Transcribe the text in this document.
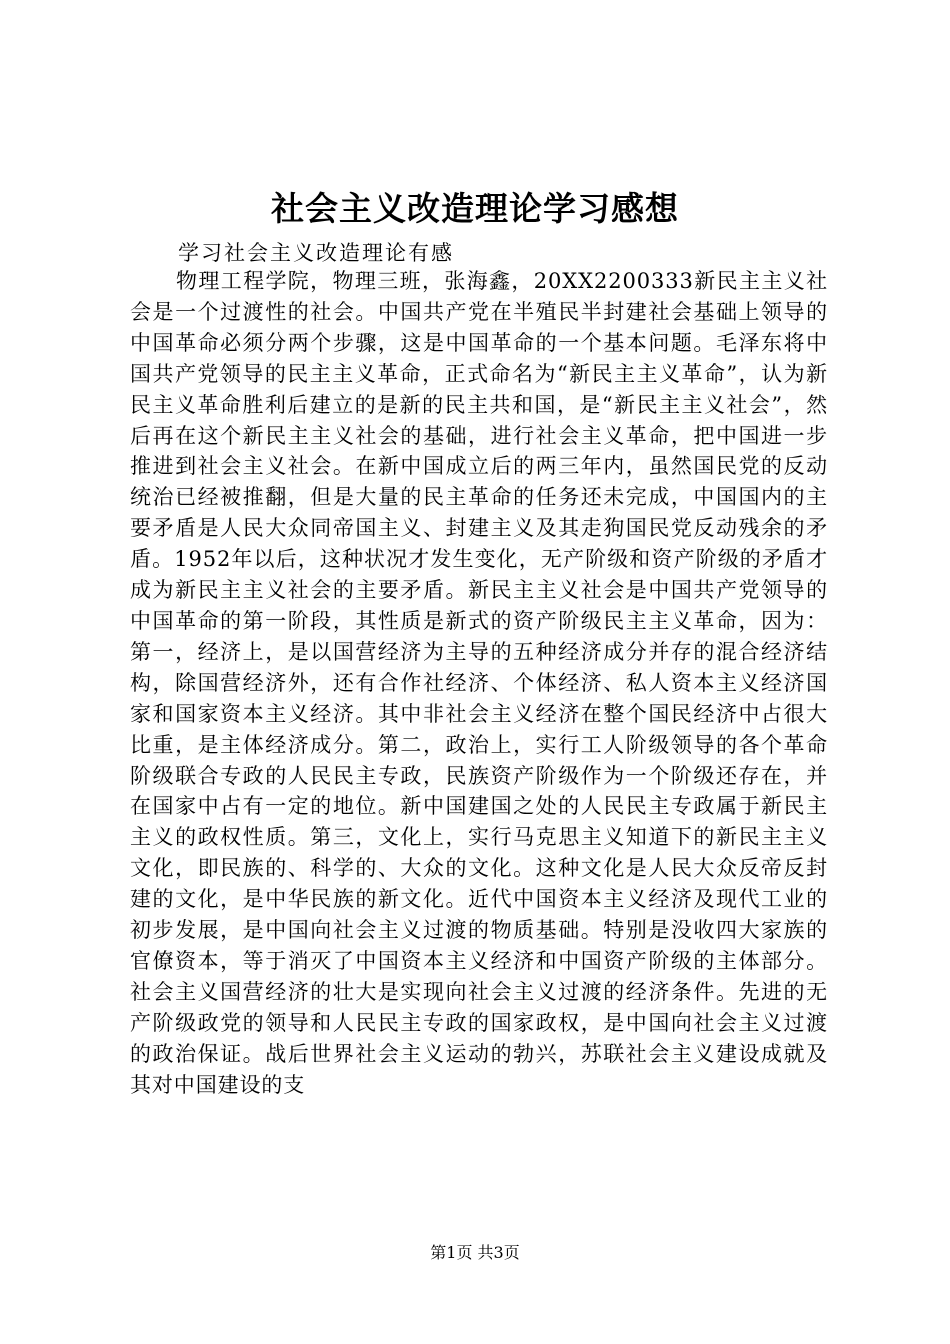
社会主义改造理论学习感想

学习社会主义改造理论有感

物理工程学院，物理三班，张海鑫，20XX2200333新民主主义社会是一个过渡性的社会。中国共产党在半殖民半封建社会基础上领导的中国革命必须分两个步骤，这是中国革命的一个基本问题。毛泽东将中国共产党领导的民主主义革命，正式命名为“新民主主义革命”，认为新民主义革命胜利后建立的是新的民主共和国，是“新民主主义社会”，然后再在这个新民主主义社会的基础，进行社会主义革命，把中国进一步推进到社会主义社会。在新中国成立后的两三年内，虽然国民党的反动统治已经被推翻，但是大量的民主革命的任务还未完成，中国国内的主要矛盾是人民大众同帝国主义、封建主义及其走狗国民党反动残余的矛盾。1952年以后，这种状况才发生变化，无产阶级和资产阶级的矛盾才成为新民主主义社会的主要矛盾。新民主主义社会是中国共产党领导的中国革命的第一阶段，其性质是新式的资产阶级民主主义革命，因为：第一，经济上，是以国营经济为主导的五种经济成分并存的混合经济结构，除国营经济外，还有合作社经济、个体经济、私人资本主义经济国家和国家资本主义经济。其中非社会主义经济在整个国民经济中占很大比重，是主体经济成分。第二，政治上，实行工人阶级领导的各个革命阶级联合专政的人民民主专政，民族资产阶级作为一个阶级还存在，并在国家中占有一定的地位。新中国建国之处的人民民主专政属于新民主主义的政权性质。第三，文化上，实行马克思主义知道下的新民主主义文化，即民族的、科学的、大众的文化。这种文化是人民大众反帝反封建的文化，是中华民族的新文化。近代中国资本主义经济及现代工业的初步发展，是中国向社会主义过渡的物质基础。特别是没收四大家族的官僚资本，等于消灭了中国资本主义经济和中国资产阶级的主体部分。社会主义国营经济的壮大是实现向社会主义过渡的经济条件。先进的无产阶级政党的领导和人民民主专政的国家政权，是中国向社会主义过渡的政治保证。战后世界社会主义运动的勃兴，苏联社会主义建设成就及其对中国建设的支

第1页 共3页
